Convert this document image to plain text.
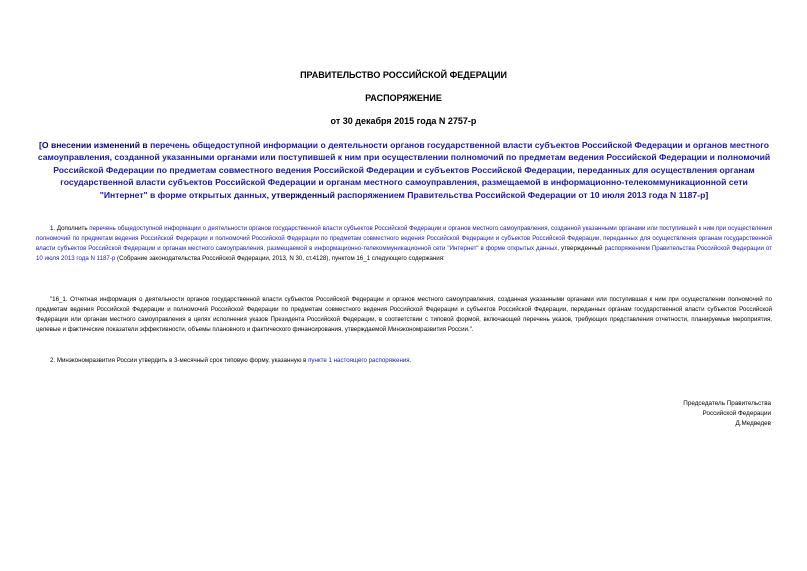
ПРАВИТЕЛЬСТВО РОССИЙСКОЙ ФЕДЕРАЦИИ
РАСПОРЯЖЕНИЕ
от 30 декабря 2015 года N 2757-р
[О внесении изменений в перечень общедоступной информации о деятельности органов государственной власти субъектов Российской Федерации и органов местного самоуправления, созданной указанными органами или поступившей к ним при осуществлении полномочий по предметам ведения Российской Федерации и полномочий Российской Федерации по предметам совместного ведения Российской Федерации и субъектов Российской Федерации, переданных для осуществления органам государственной власти субъектов Российской Федерации и органам местного самоуправления, размещаемой в информационно-телекоммуникационной сети "Интернет" в форме открытых данных, утвержденный распоряжением Правительства Российской Федерации от 10 июля 2013 года N 1187-р]
1. Дополнить перечень общедоступной информации о деятельности органов государственной власти субъектов Российской Федерации и органов местного самоуправления, созданной указанными органами или поступившей к ним при осуществлении полномочий по предметам ведения Российской Федерации и полномочий Российской Федерации по предметам совместного ведения Российской Федерации и субъектов Российской Федерации, переданных для осуществления органам государственной власти субъектов Российской Федерации и органам местного самоуправления, размещаемой в информационно-телекоммуникационной сети "Интернет" в форме открытых данных, утвержденный распоряжением Правительства Российской Федерации от 10 июля 2013 года N 1187-р (Собрание законодательства Российской Федерации, 2013, N 30, ст.4128), пунктом 16_1 следующего содержания:
"16_1. Отчетная информация о деятельности органов государственной власти субъектов Российской Федерации и органов местного самоуправления, созданная указанными органами или поступившая к ним при осуществлении полномочий по предметам ведения Российской Федерации и полномочий Российской Федерации по предметам совместного ведения Российской Федерации и субъектов Российской Федерации, переданных органам государственной власти субъектов Российской Федерации или органам местного самоуправления в целях исполнения указов Президента Российской Федерации, в соответствии с типовой формой, включающей перечень указов, требующих представления отчетности, планируемые мероприятия, целевые и фактические показатели эффективности, объемы плановного и фактического финансирования, утверждаемой Минэкономразвития России.".
2. Минэкономразвития России утвердить в 3-месячный срок типовую форму, указанную в пункте 1 настоящего распоряжения.
Председатель Правительства
Российской Федерации
Д.Медведев
